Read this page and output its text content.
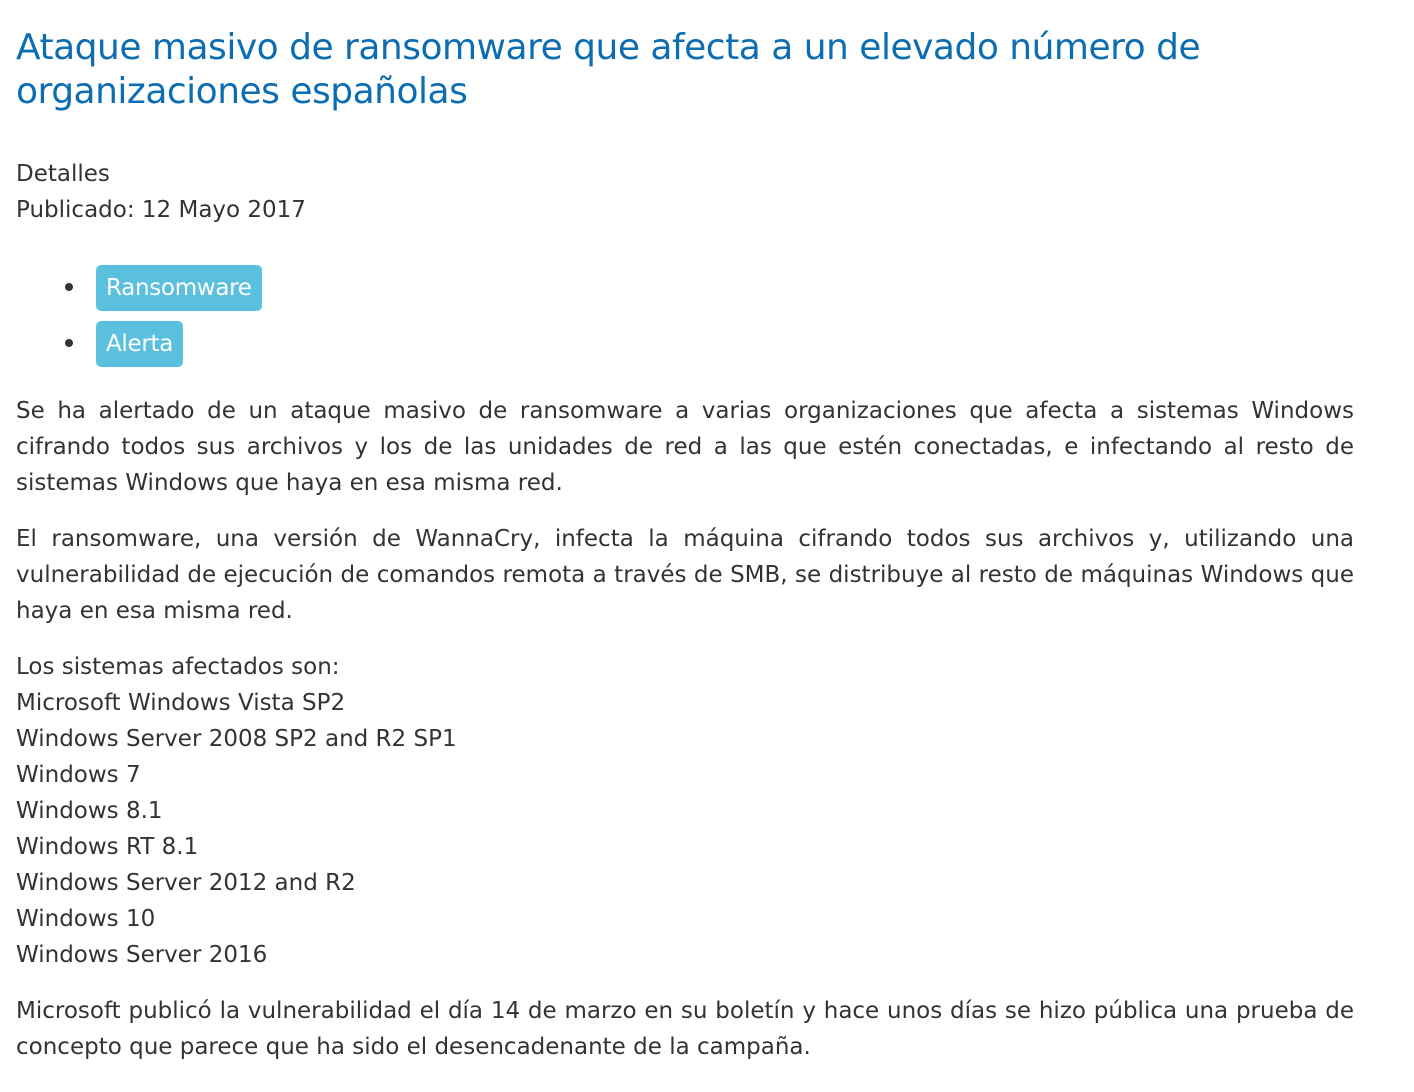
Ataque masivo de ransomware que afecta a un elevado número de organizaciones españolas
Detalles
Publicado: 12 Mayo 2017
Ransomware
Alerta

Se ha alertado de un ataque masivo de ransomware a varias organizaciones que afecta a sistemas Windows cifrando todos sus archivos y los de las unidades de red a las que estén conectadas, e infectando al resto de sistemas Windows que haya en esa misma red.

El ransomware, una versión de WannaCry, infecta la máquina cifrando todos sus archivos y, utilizando una vulnerabilidad de ejecución de comandos remota a través de SMB, se distribuye al resto de máquinas Windows que haya en esa misma red.

Los sistemas afectados son:
Microsoft Windows Vista SP2
Windows Server 2008 SP2 and R2 SP1
Windows 7
Windows 8.1
Windows RT 8.1
Windows Server 2012 and R2
Windows 10
Windows Server 2016

Microsoft publicó la vulnerabilidad el día 14 de marzo en su boletín y hace unos días se hizo pública una prueba de concepto que parece que ha sido el desencadenante de la campaña.
